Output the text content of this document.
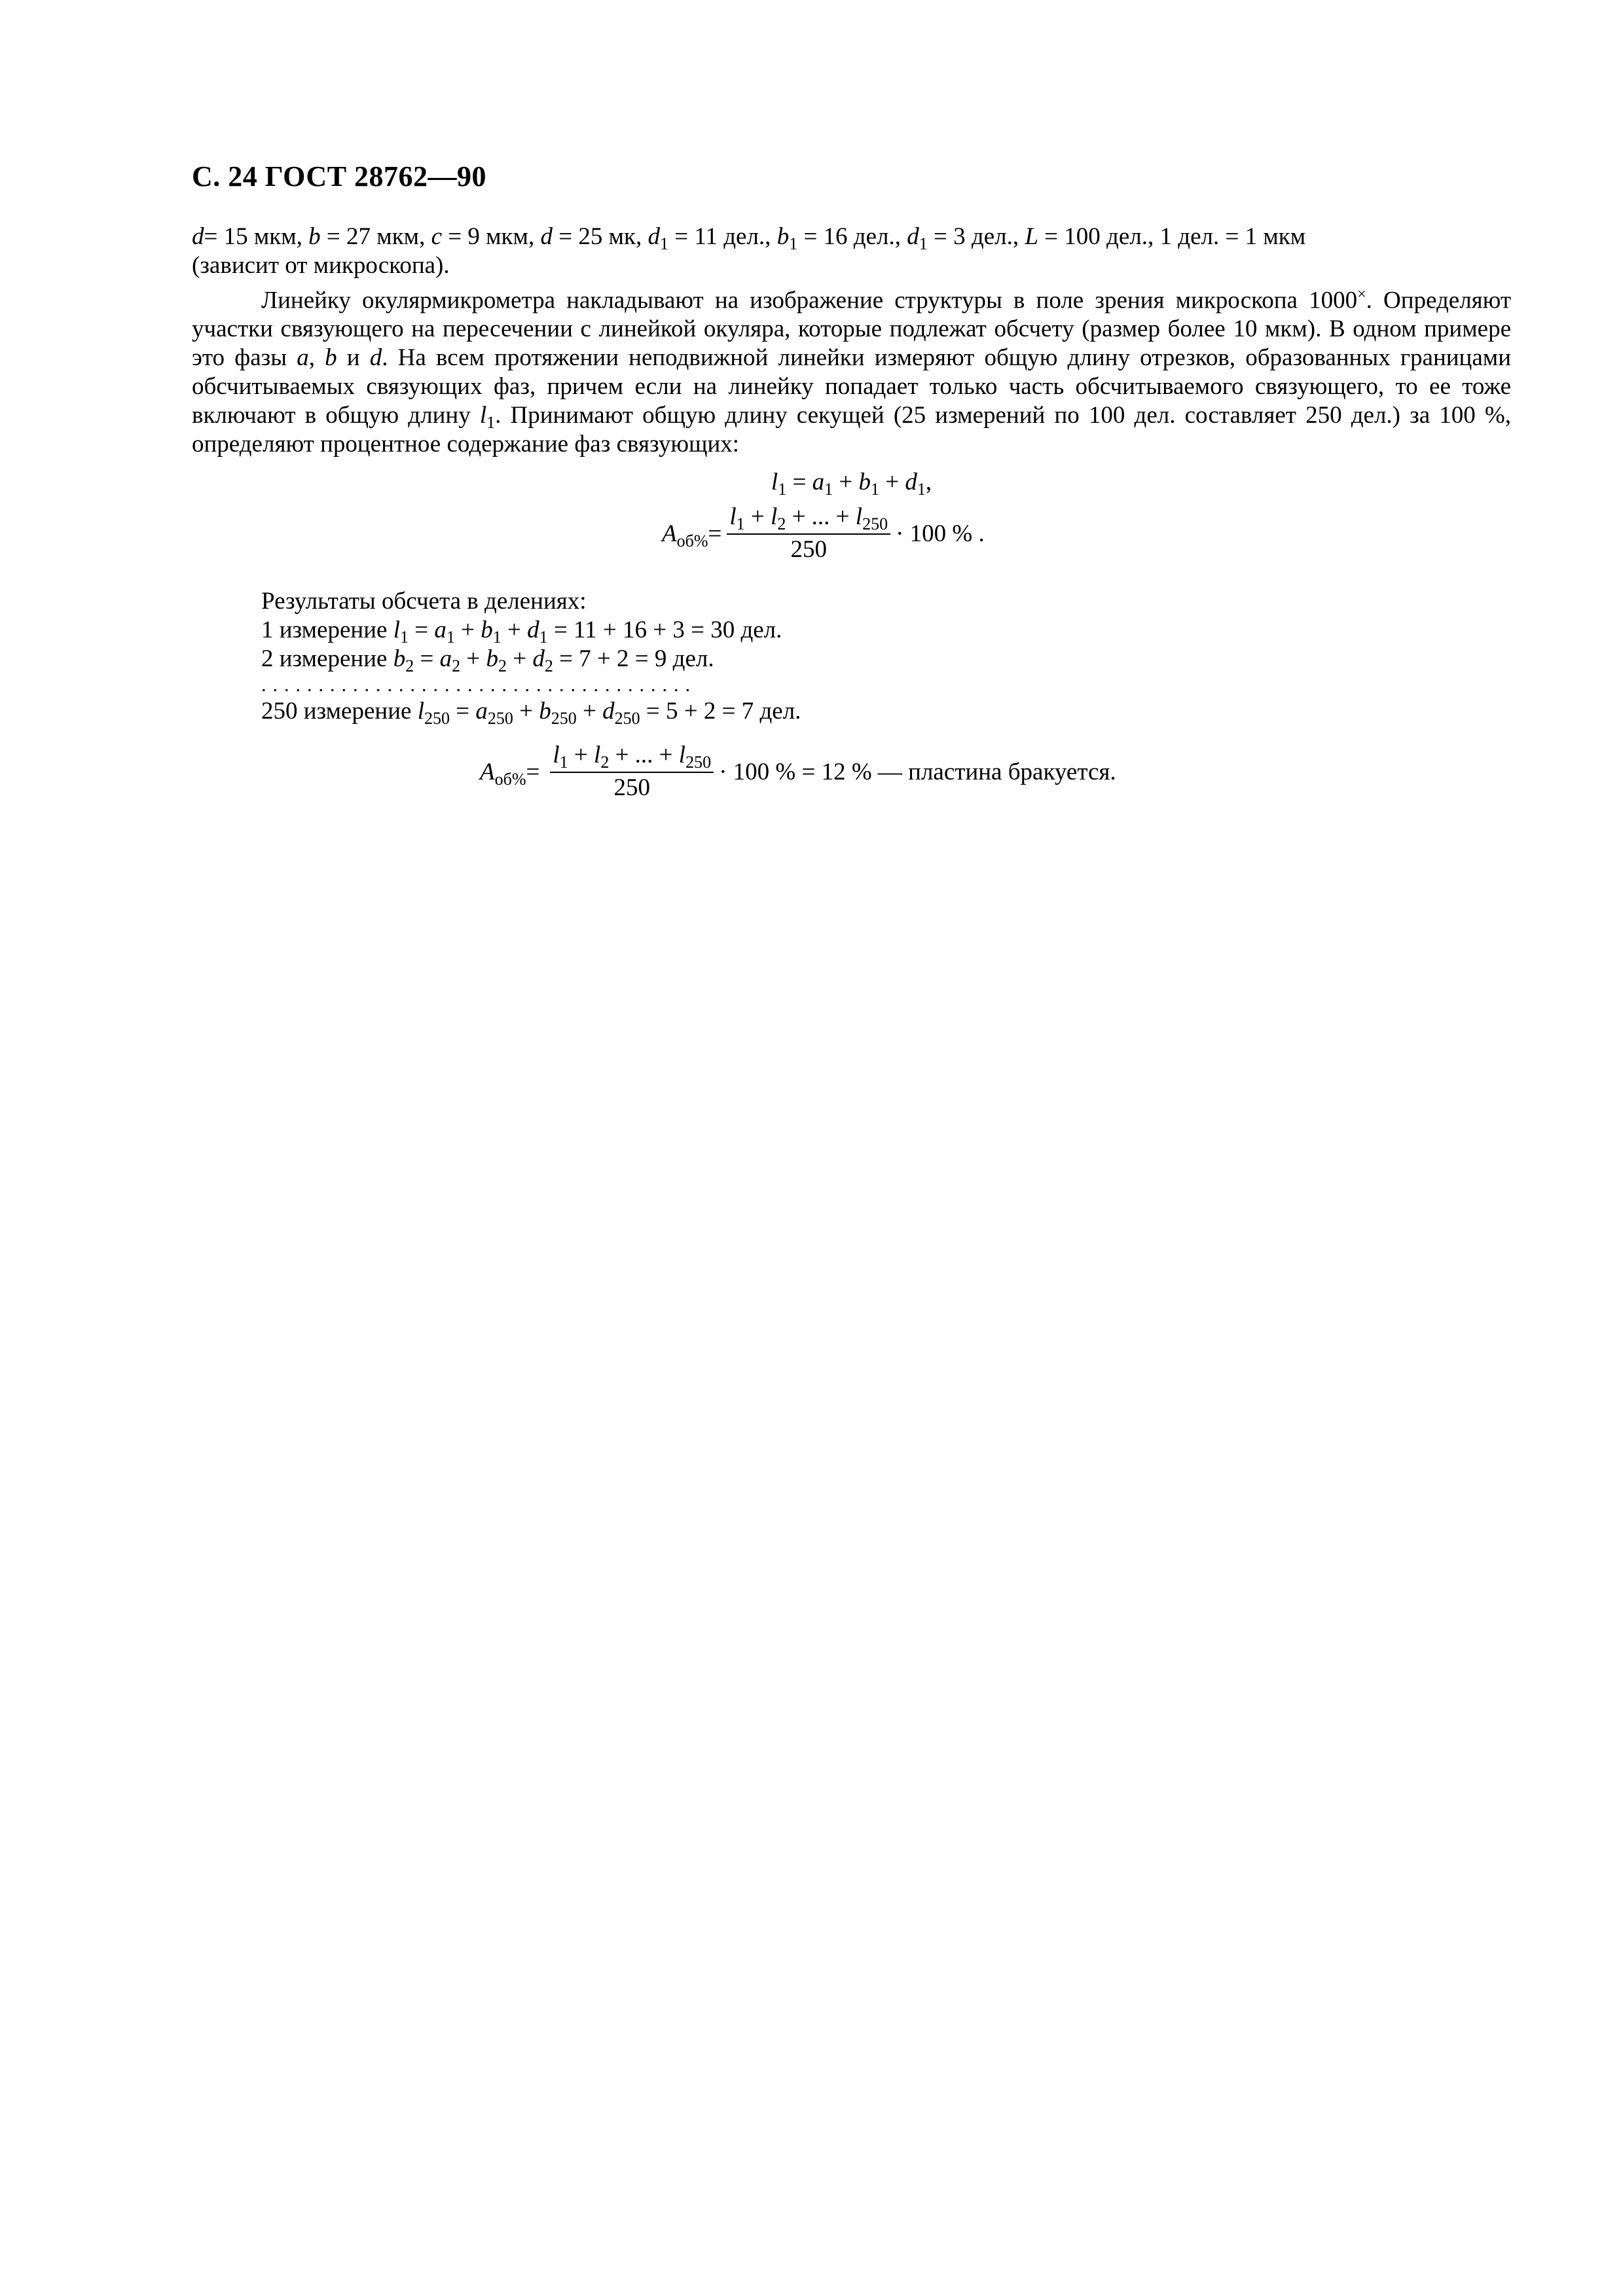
С. 24 ГОСТ 28762—90

d= 15 мкм, b = 27 мкм, c = 9 мкм, d = 25 мк, $d_1 = 11$ дел., $b_1 = 16$ дел., $d_1 = 3$ дел., L = 100 дел., 1 дел. = 1 мкм
(зависит от микроскопа).

Линейку окулярмикрометра накладывают на изображение структуры в поле зрения микроскопа 1000×. Определяют участки связующего на пересечении с линейкой окуляра, которые подлежат обсчету (размер более 10 мкм). В одном примере это фазы a, b и d. На всем протяжении неподвижной линейки измеряют общую длину отрезков, образованных границами обсчитываемых связующих фаз, причем если на линейку попадает только часть обсчитываемого связующего, то ее тоже включают в общую длину $l_1$. Принимают общую длину секущей (25 измерений по 100 дел. составляет 250 дел.) за 100 %, определяют процентное содержание фаз связующих:

$l_1 = a_1 + b_1 + d_1$,
$A_{об\%} = \frac{l_1 + l_2 + ... + l_{250}}{250} \cdot 100$ % .
Результаты обсчета в делениях:
1 измерение $l_1 = a_1 + b_1 + d_1 = 11 + 16 + 3 = 30$ дел.
2 измерение $b_2 = a_2 + b_2 + d_2 = 7 + 2 = 9$ дел.
......................................
250 измерение $l_{250} = a_{250} + b_{250} + d_{250} = 5 + 2 = 7$ дел.
$A_{об\%} = \frac{l_1 + l_2 + ... + l_{250}}{250} \cdot 100$ % = 12 % — пластина бракуется.
